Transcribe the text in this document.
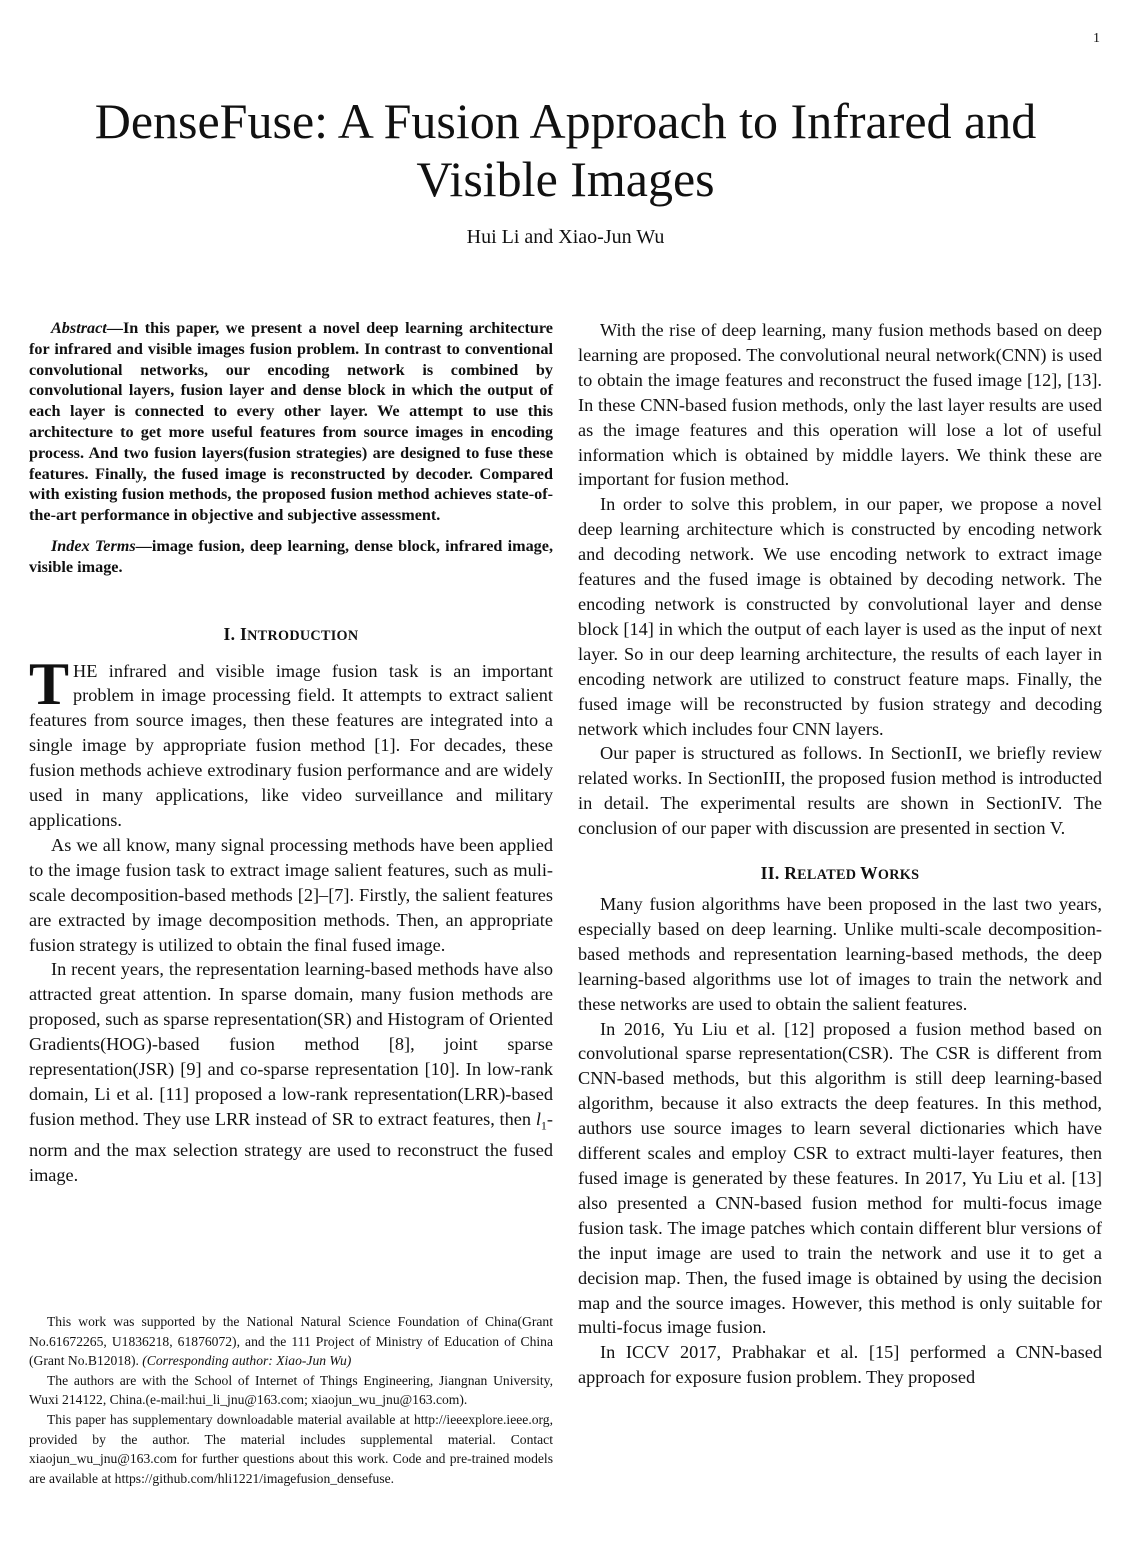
1
DenseFuse: A Fusion Approach to Infrared and
Visible Images
Hui Li and Xiao-Jun Wu

Abstract—In this paper, we present a novel deep learning architecture for infrared and visible images fusion problem. In contrast to conventional convolutional networks, our encoding network is combined by convolutional layers, fusion layer and dense block in which the output of each layer is connected to every other layer. We attempt to use this architecture to get more useful features from source images in encoding process. And two fusion layers(fusion strategies) are designed to fuse these features. Finally, the fused image is reconstructed by decoder. Compared with existing fusion methods, the proposed fusion method achieves state-of-the-art performance in objective and subjective assessment.

Index Terms—image fusion, deep learning, dense block, infrared image, visible image.

I. INTRODUCTION

THE infrared and visible image fusion task is an important problem in image processing field. It attempts to extract salient features from source images, then these features are integrated into a single image by appropriate fusion method [1]. For decades, these fusion methods achieve extrodinary fusion performance and are widely used in many applications, like video surveillance and military applications.

As we all know, many signal processing methods have been applied to the image fusion task to extract image salient features, such as muli-scale decomposition-based methods [2]–[7]. Firstly, the salient features are extracted by image decomposition methods. Then, an appropriate fusion strategy is utilized to obtain the final fused image.

In recent years, the representation learning-based methods have also attracted great attention. In sparse domain, many fusion methods are proposed, such as sparse representation(SR) and Histogram of Oriented Gradients(HOG)-based fusion method [8], joint sparse representation(JSR) [9] and co-sparse representation [10]. In low-rank domain, Li et al. [11] proposed a low-rank representation(LRR)-based fusion method. They use LRR instead of SR to extract features, then $l_1$-norm and the max selection strategy are used to reconstruct the fused image.

This work was supported by the National Natural Science Foundation of China(Grant No.61672265, U1836218, 61876072), and the 111 Project of Ministry of Education of China (Grant No.B12018). (Corresponding author: Xiao-Jun Wu)

The authors are with the School of Internet of Things Engineering, Jiangnan University, Wuxi 214122, China.(e-mail:hui_li_jnu@163.com; xiaojun_wu_jnu@163.com).

This paper has supplementary downloadable material available at http://ieeexplore.ieee.org, provided by the author. The material includes supplemental material. Contact xiaojun_wu_jnu@163.com for further questions about this work. Code and pre-trained models are available at https://github.com/hli1221/imagefusion_densefuse.

With the rise of deep learning, many fusion methods based on deep learning are proposed. The convolutional neural network(CNN) is used to obtain the image features and reconstruct the fused image [12], [13]. In these CNN-based fusion methods, only the last layer results are used as the image features and this operation will lose a lot of useful information which is obtained by middle layers. We think these are important for fusion method.

In order to solve this problem, in our paper, we propose a novel deep learning architecture which is constructed by encoding network and decoding network. We use encoding network to extract image features and the fused image is obtained by decoding network. The encoding network is constructed by convolutional layer and dense block [14] in which the output of each layer is used as the input of next layer. So in our deep learning architecture, the results of each layer in encoding network are utilized to construct feature maps. Finally, the fused image will be reconstructed by fusion strategy and decoding network which includes four CNN layers.

Our paper is structured as follows. In SectionII, we briefly review related works. In SectionIII, the proposed fusion method is introducted in detail. The experimental results are shown in SectionIV. The conclusion of our paper with discussion are presented in section V.

II. RELATED WORKS

Many fusion algorithms have been proposed in the last two years, especially based on deep learning. Unlike multi-scale decomposition-based methods and representation learning-based methods, the deep learning-based algorithms use lot of images to train the network and these networks are used to obtain the salient features.

In 2016, Yu Liu et al. [12] proposed a fusion method based on convolutional sparse representation(CSR). The CSR is different from CNN-based methods, but this algorithm is still deep learning-based algorithm, because it also extracts the deep features. In this method, authors use source images to learn several dictionaries which have different scales and employ CSR to extract multi-layer features, then fused image is generated by these features. In 2017, Yu Liu et al. [13] also presented a CNN-based fusion method for multi-focus image fusion task. The image patches which contain different blur versions of the input image are used to train the network and use it to get a decision map. Then, the fused image is obtained by using the decision map and the source images. However, this method is only suitable for multi-focus image fusion.

In ICCV 2017, Prabhakar et al. [15] performed a CNN-based approach for exposure fusion problem. They proposed
